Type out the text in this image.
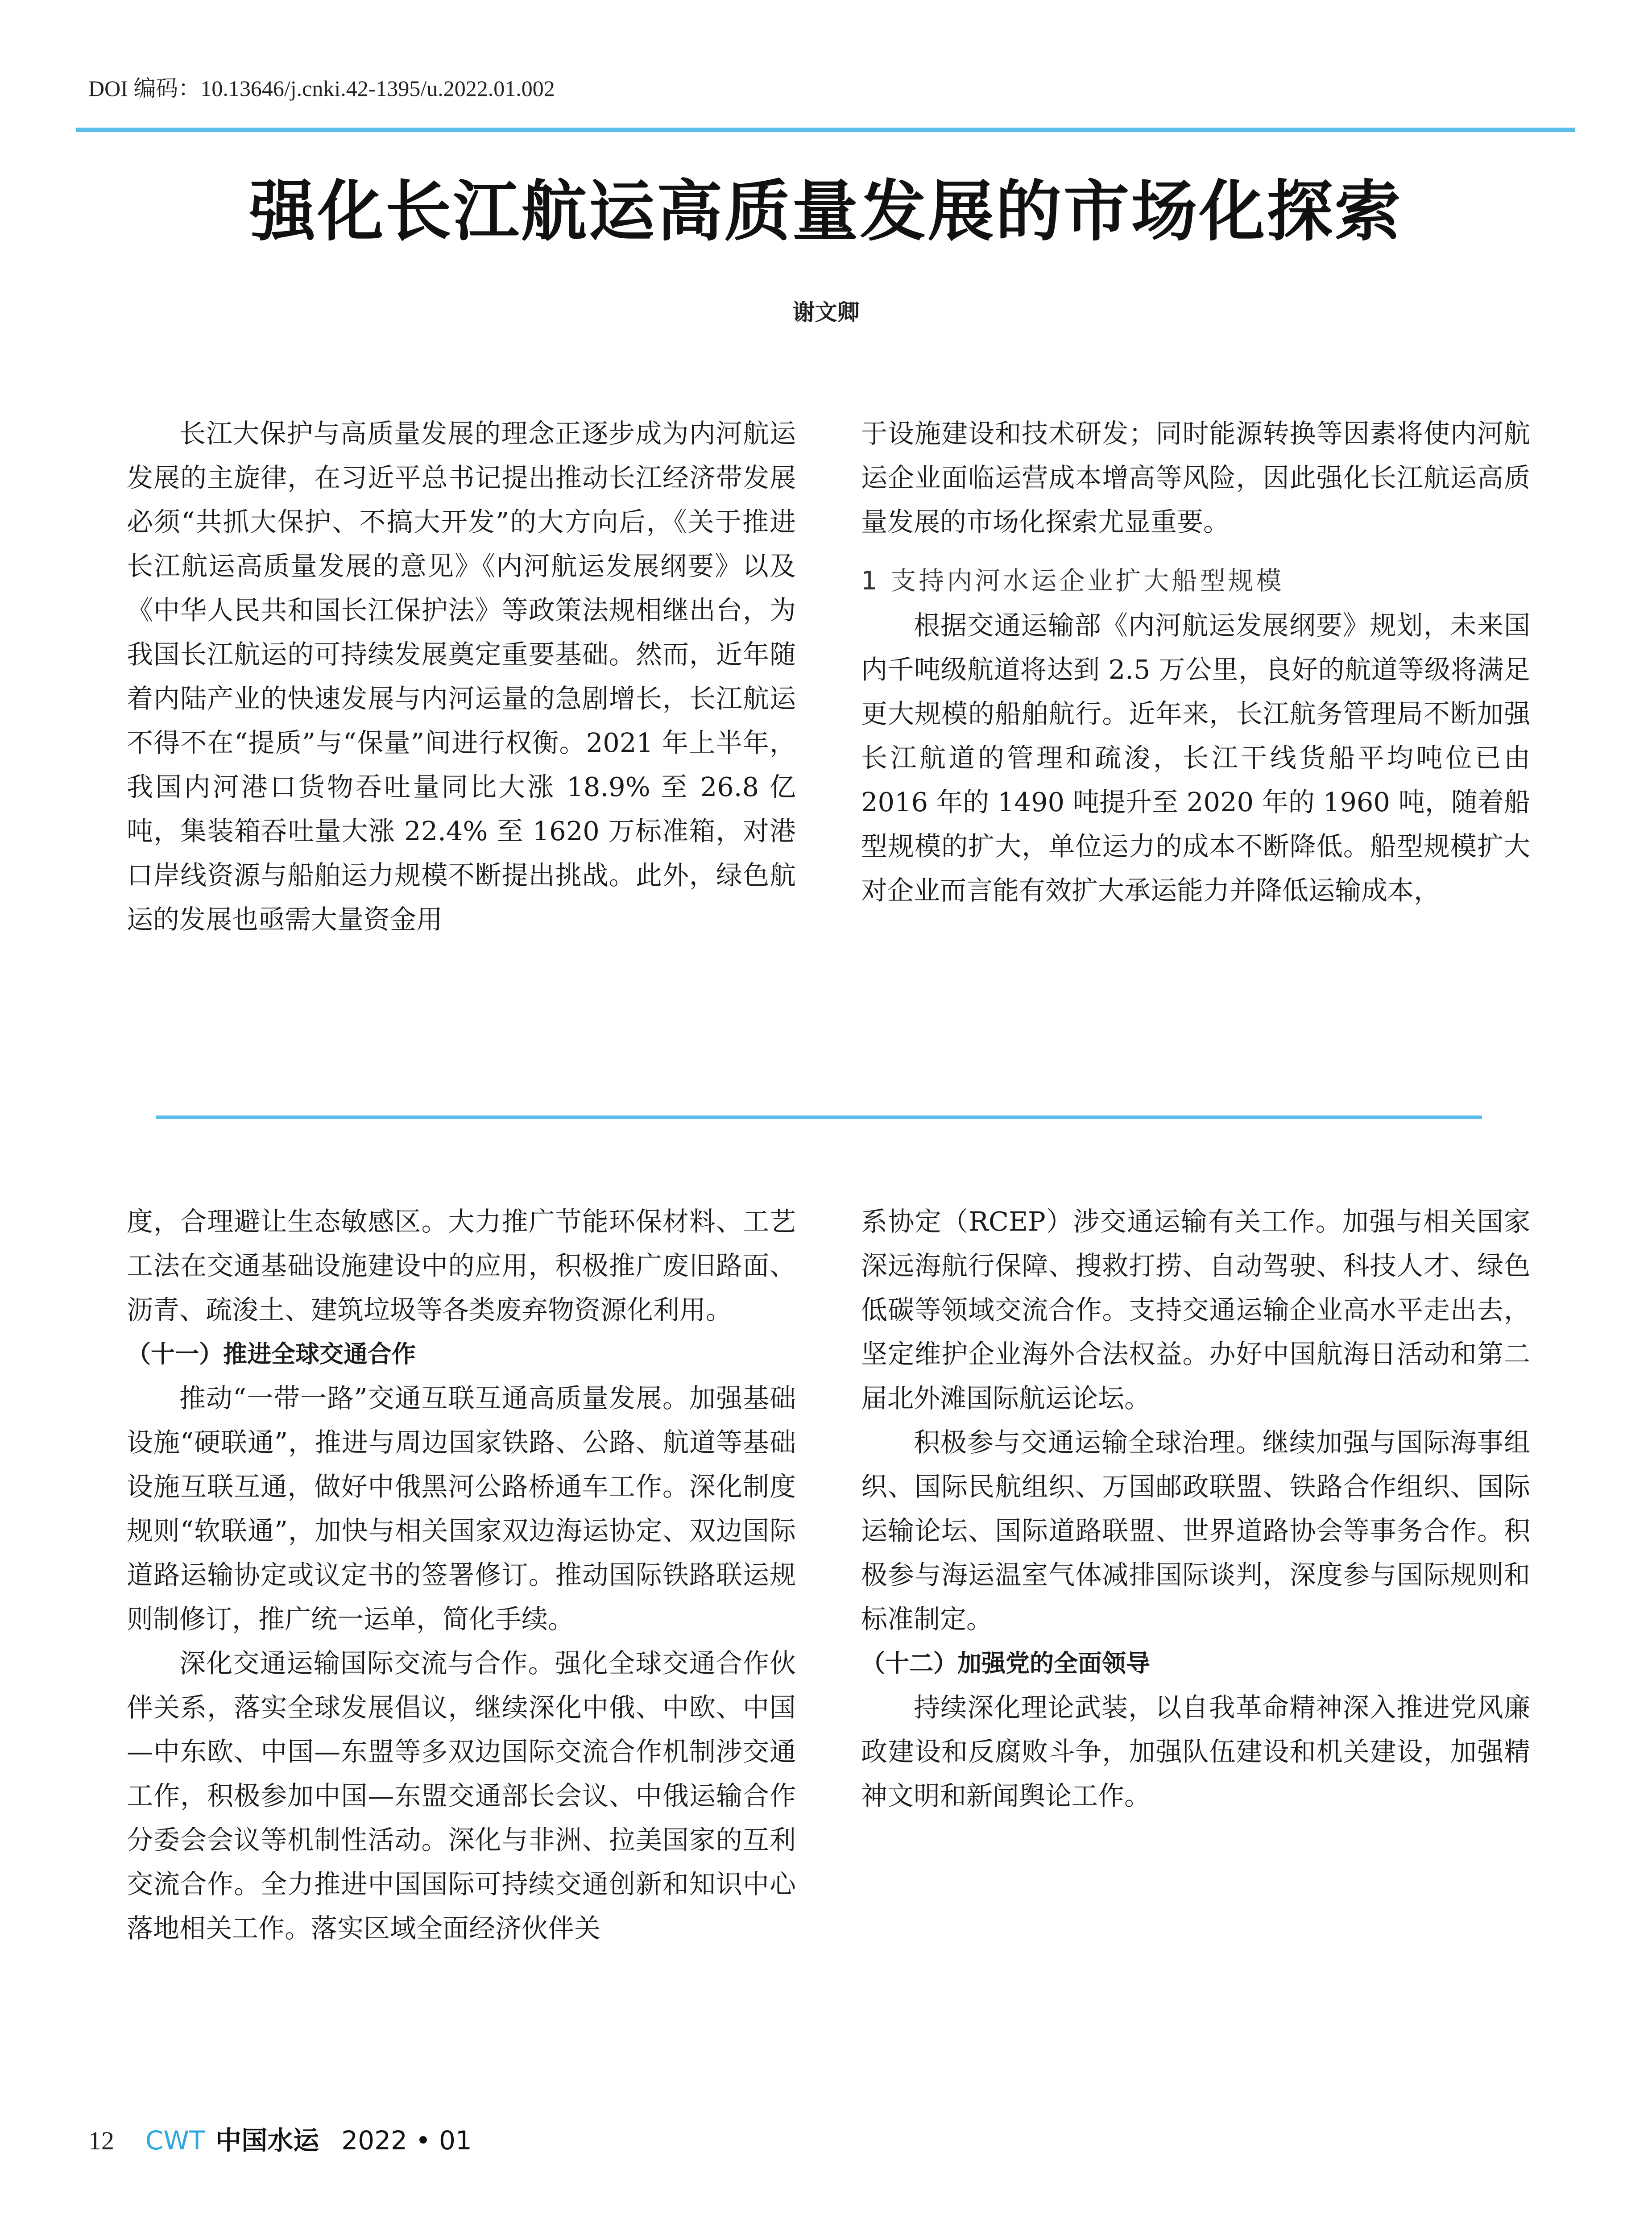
DOI 编码：10.13646/j.cnki.42-1395/u.2022.01.002
强化长江航运高质量发展的市场化探索
谢文卿

长江大保护与高质量发展的理念正逐步成为内河航运发展的主旋律，在习近平总书记提出推动长江经济带发展必须“共抓大保护、不搞大开发”的大方向后，《关于推进长江航运高质量发展的意见》《内河航运发展纲要》以及《中华人民共和国长江保护法》等政策法规相继出台，为我国长江航运的可持续发展奠定重要基础。然而，近年随着内陆产业的快速发展与内河运量的急剧增长，长江航运不得不在“提质”与“保量”间进行权衡。2021 年上半年，我国内河港口货物吞吐量同比大涨 18.9% 至 26.8 亿吨，集装箱吞吐量大涨 22.4% 至 1620 万标准箱，对港口岸线资源与船舶运力规模不断提出挑战。此外，绿色航运的发展也亟需大量资金用

于设施建设和技术研发；同时能源转换等因素将使内河航运企业面临运营成本增高等风险，因此强化长江航运高质量发展的市场化探索尤显重要。

1 支持内河水运企业扩大船型规模

根据交通运输部《内河航运发展纲要》规划，未来国内千吨级航道将达到 2.5 万公里，良好的航道等级将满足更大规模的船舶航行。近年来，长江航务管理局不断加强长江航道的管理和疏浚，长江干线货船平均吨位已由 2016 年的 1490 吨提升至 2020 年的 1960 吨，随着船型规模的扩大，单位运力的成本不断降低。船型规模扩大对企业而言能有效扩大承运能力并降低运输成本，

度，合理避让生态敏感区。大力推广节能环保材料、工艺工法在交通基础设施建设中的应用，积极推广废旧路面、沥青、疏浚土、建筑垃圾等各类废弃物资源化利用。

（十一）推进全球交通合作

推动“一带一路”交通互联互通高质量发展。加强基础设施“硬联通”，推进与周边国家铁路、公路、航道等基础设施互联互通，做好中俄黑河公路桥通车工作。深化制度规则“软联通”，加快与相关国家双边海运协定、双边国际道路运输协定或议定书的签署修订。推动国际铁路联运规则制修订，推广统一运单，简化手续。

深化交通运输国际交流与合作。强化全球交通合作伙伴关系，落实全球发展倡议，继续深化中俄、中欧、中国—中东欧、中国—东盟等多双边国际交流合作机制涉交通工作，积极参加中国—东盟交通部长会议、中俄运输合作分委会会议等机制性活动。深化与非洲、拉美国家的互利交流合作。全力推进中国国际可持续交通创新和知识中心落地相关工作。落实区域全面经济伙伴关

系协定（RCEP）涉交通运输有关工作。加强与相关国家深远海航行保障、搜救打捞、自动驾驶、科技人才、绿色低碳等领域交流合作。支持交通运输企业高水平走出去，坚定维护企业海外合法权益。办好中国航海日活动和第二届北外滩国际航运论坛。

积极参与交通运输全球治理。继续加强与国际海事组织、国际民航组织、万国邮政联盟、铁路合作组织、国际运输论坛、国际道路联盟、世界道路协会等事务合作。积极参与海运温室气体减排国际谈判，深度参与国际规则和标准制定。

（十二）加强党的全面领导

持续深化理论武装，以自我革命精神深入推进党风廉政建设和反腐败斗争，加强队伍建设和机关建设，加强精神文明和新闻舆论工作。

12 CWT 中国水运 2022 • 01
